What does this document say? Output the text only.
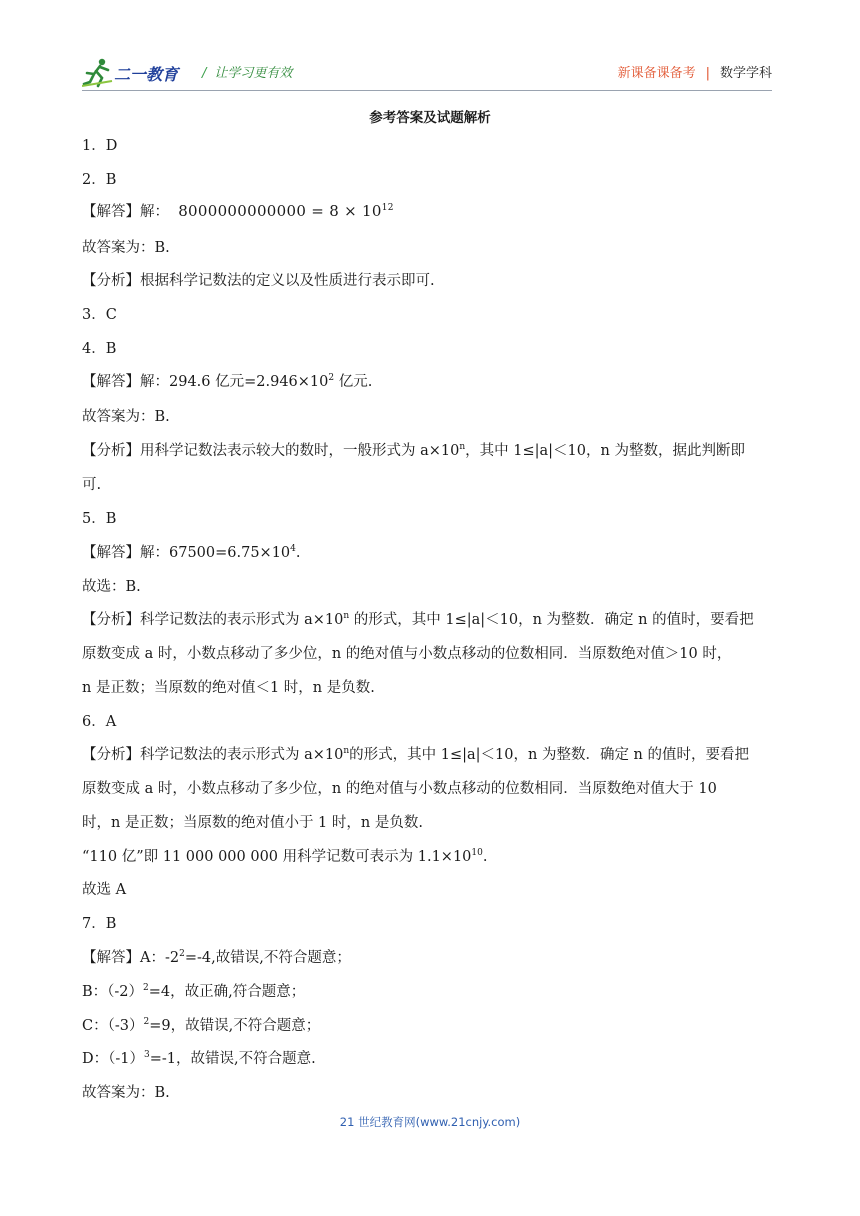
二一教育 / 让学习更有效	新课备课备考 | 数学学科
参考答案及试题解析
1．D
2．B
【解答】解： $8000000000000 = 8 \times 10^{12}$
故答案为：B.
【分析】根据科学记数法的定义以及性质进行表示即可.
3．C
4．B
【解答】解：294.6 亿元$=2.946\times 10^2$ 亿元.
故答案为：B.
【分析】用科学记数法表示较大的数时，一般形式为 $a\times 10^n$，其中 1≤|a|＜10，n 为整数，据此判断即
可.
5．B
【解答】解：$67500=6.75\times 10^4$.
故选：B.
【分析】科学记数法的表示形式为 $a\times 10^n$ 的形式，其中 1≤|a|＜10，n 为整数．确定 n 的值时，要看把
原数变成 a 时，小数点移动了多少位，n 的绝对值与小数点移动的位数相同．当原数绝对值＞10 时，
n 是正数；当原数的绝对值＜1 时，n 是负数.
6．A
【分析】科学记数法的表示形式为 $a\times 10^n$的形式，其中 1≤|a|＜10，n 为整数．确定 n 的值时，要看把
原数变成 a 时，小数点移动了多少位，n 的绝对值与小数点移动的位数相同．当原数绝对值大于 10
时，n 是正数；当原数的绝对值小于 1 时，n 是负数.
“110 亿”即 11 000 000 000 用科学记数可表示为 $1.1\times 10^{10}$.
故选 A
7．B
【解答】A：$-2^2=-4$,故错误,不符合题意；
B：$(-2)^2=4$，故正确,符合题意；
C：$(-3)^2=9$，故错误,不符合题意；
D：$(-1)^3=-1$，故错误,不符合题意.
故答案为：B.
21 世纪教育网(www.21cnjy.com)
